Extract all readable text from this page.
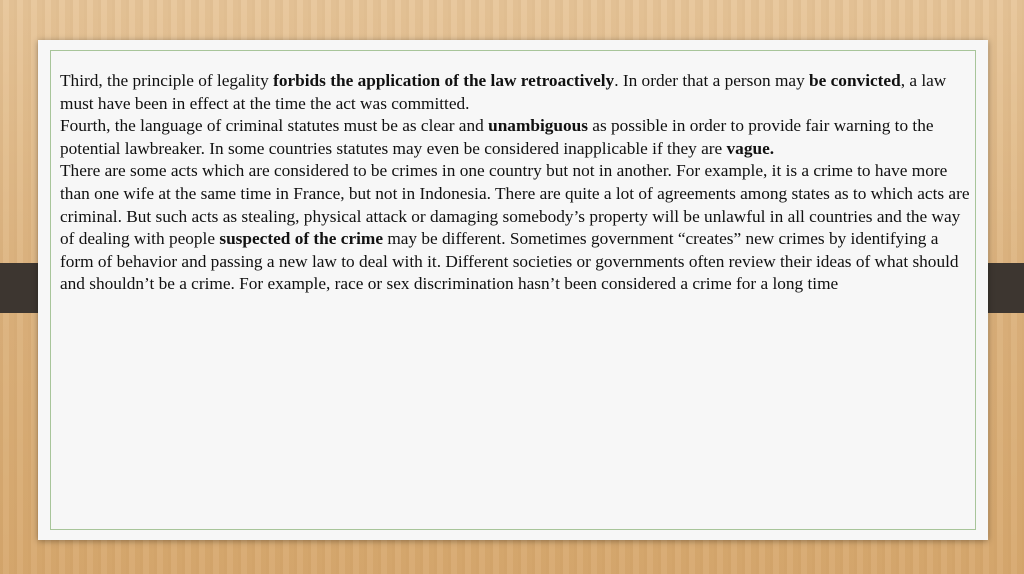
Third, the principle of legality forbids the application of the law retroactively. In order that a person may be convicted, a law must have been in effect at the time the act was committed.

Fourth, the language of criminal statutes must be as clear and unambiguous as possible in order to provide fair warning to the potential lawbreaker. In some countries statutes may even be considered inapplicable if they are vague.

There are some acts which are considered to be crimes in one country but not in another. For example, it is a crime to have more than one wife at the same time in France, but not in Indonesia. There are quite a lot of agreements among states as to which acts are criminal. But such acts as stealing, physical attack or damaging somebody’s property will be unlawful in all countries and the way of dealing with people suspected of the crime may be different. Sometimes government “creates” new crimes by identifying a form of behavior and passing a new law to deal with it. Different societies or governments often review their ideas of what should and shouldn’t be a crime. For example, race or sex discrimination hasn’t been considered a crime for a long time
